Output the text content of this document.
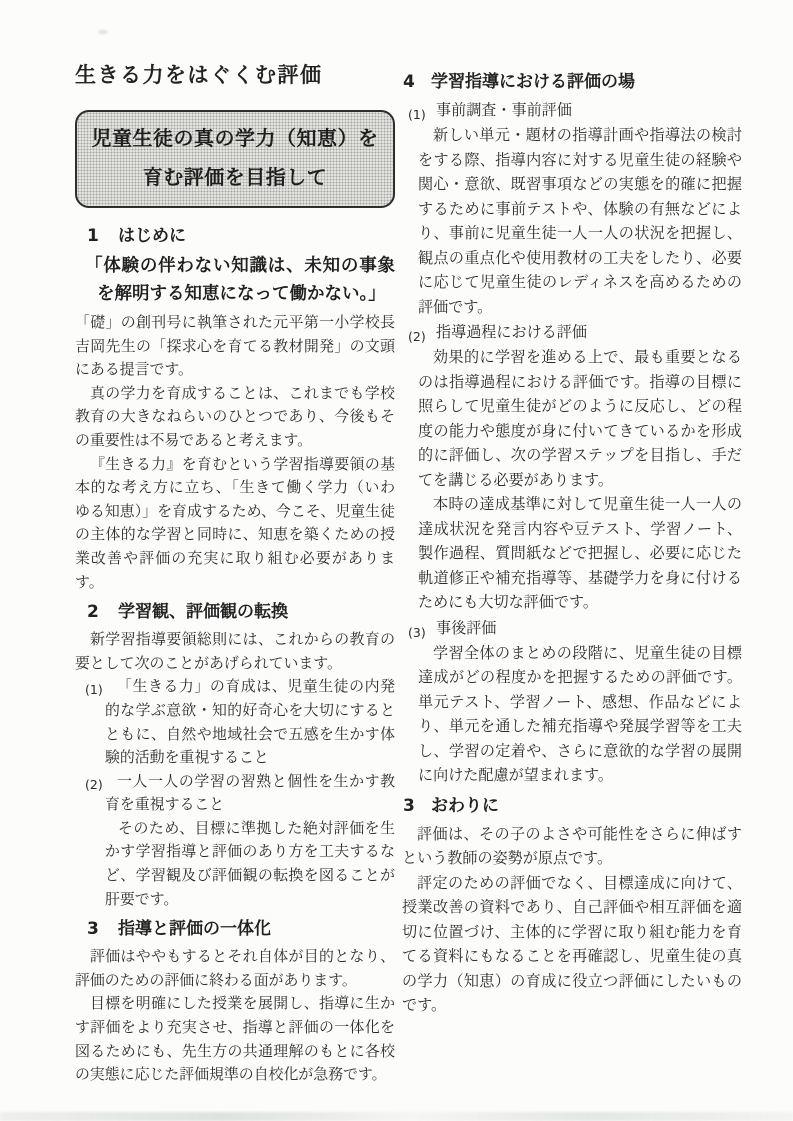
生きる力をはぐくむ評価
児童生徒の真の学力（知恵）を
育む評価を目指して
1	はじめに
「体験の伴わない知識は、未知の事象を解明する知恵になって働かない。」

「礎」の創刊号に執筆された元平第一小学校長吉岡先生の「探求心を育てる教材開発」の文頭にある提言です。

真の学力を育成することは、これまでも学校教育の大きなねらいのひとつであり、今後もその重要性は不易であると考えます。

『生きる力』を育むという学習指導要領の基本的な考え方に立ち、「生きて働く学力（いわゆる知恵）」を育成するため、今こそ、児童生徒の主体的な学習と同時に、知恵を築くための授業改善や評価の充実に取り組む必要があります。

2	学習観、評価観の転換

新学習指導要領総則には、これからの教育の要として次のことがあげられています。

(1) 「生きる力」の育成は、児童生徒の内発的な学ぶ意欲・知的好奇心を大切にするとともに、自然や地域社会で五感を生かす体験的活動を重視すること
(2) 一人一人の学習の習熟と個性を生かす教育を重視すること

そのため、目標に準拠した絶対評価を生かす学習指導と評価のあり方を工夫するなど、学習観及び評価観の転換を図ることが肝要です。

3	指導と評価の一体化

評価はややもするとそれ自体が目的となり、評価のための評価に終わる面があります。

目標を明確にした授業を展開し、指導に生かす評価をより充実させ、指導と評価の一体化を図るためにも、先生方の共通理解のもとに各校の実態に応じた評価規準の自校化が急務です。

4 学習指導における評価の場
(1) 事前調査・事前評価

新しい単元・題材の指導計画や指導法の検討をする際、指導内容に対する児童生徒の経験や関心・意欲、既習事項などの実態を的確に把握するために事前テストや、体験の有無などにより、事前に児童生徒一人一人の状況を把握し、観点の重点化や使用教材の工夫をしたり、必要に応じて児童生徒のレディネスを高めるための評価です。

(2) 指導過程における評価

効果的に学習を進める上で、最も重要となるのは指導過程における評価です。指導の目標に照らして児童生徒がどのように反応し、どの程度の能力や態度が身に付いてきているかを形成的に評価し、次の学習ステップを目指し、手だてを講じる必要があります。

本時の達成基準に対して児童生徒一人一人の達成状況を発言内容や豆テスト、学習ノート、製作過程、質問紙などで把握し、必要に応じた軌道修正や補充指導等、基礎学力を身に付けるためにも大切な評価です。

(3) 事後評価

学習全体のまとめの段階に、児童生徒の目標達成がどの程度かを把握するための評価です。単元テスト、学習ノート、感想、作品などにより、単元を通した補充指導や発展学習等を工夫し、学習の定着や、さらに意欲的な学習の展開に向けた配慮が望まれます。

3 おわりに

評価は、その子のよさや可能性をさらに伸ばすという教師の姿勢が原点です。

評定のための評価でなく、目標達成に向けて、授業改善の資料であり、自己評価や相互評価を適切に位置づけ、主体的に学習に取り組む能力を育てる資料にもなることを再確認し、児童生徒の真の学力（知恵）の育成に役立つ評価にしたいものです。
